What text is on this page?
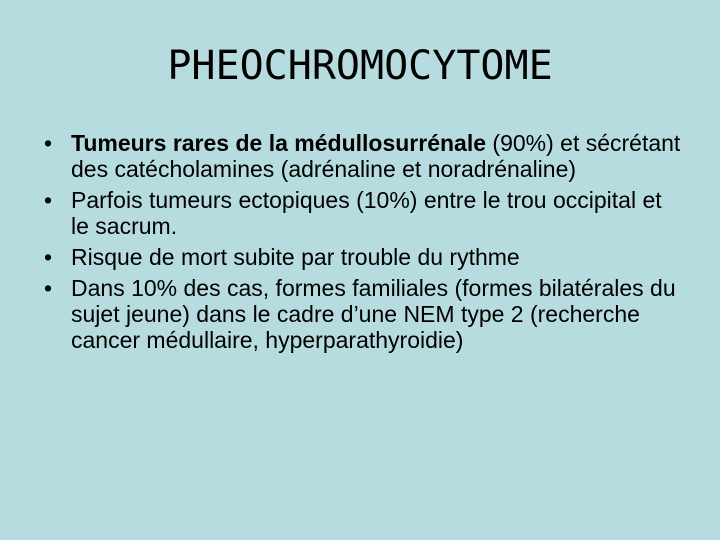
PHEOCHROMOCYTOME
• Tumeurs rares de la médullosurrénale (90%) et sécrétant des catécholamines (adrénaline et noradrénaline)
• Parfois tumeurs ectopiques (10%) entre le trou occipital et le sacrum.
• Risque de mort subite par trouble du rythme
• Dans 10% des cas, formes familiales (formes bilatérales du sujet jeune) dans le cadre d’une NEM type 2 (recherche cancer médullaire, hyperparathyroidie)
